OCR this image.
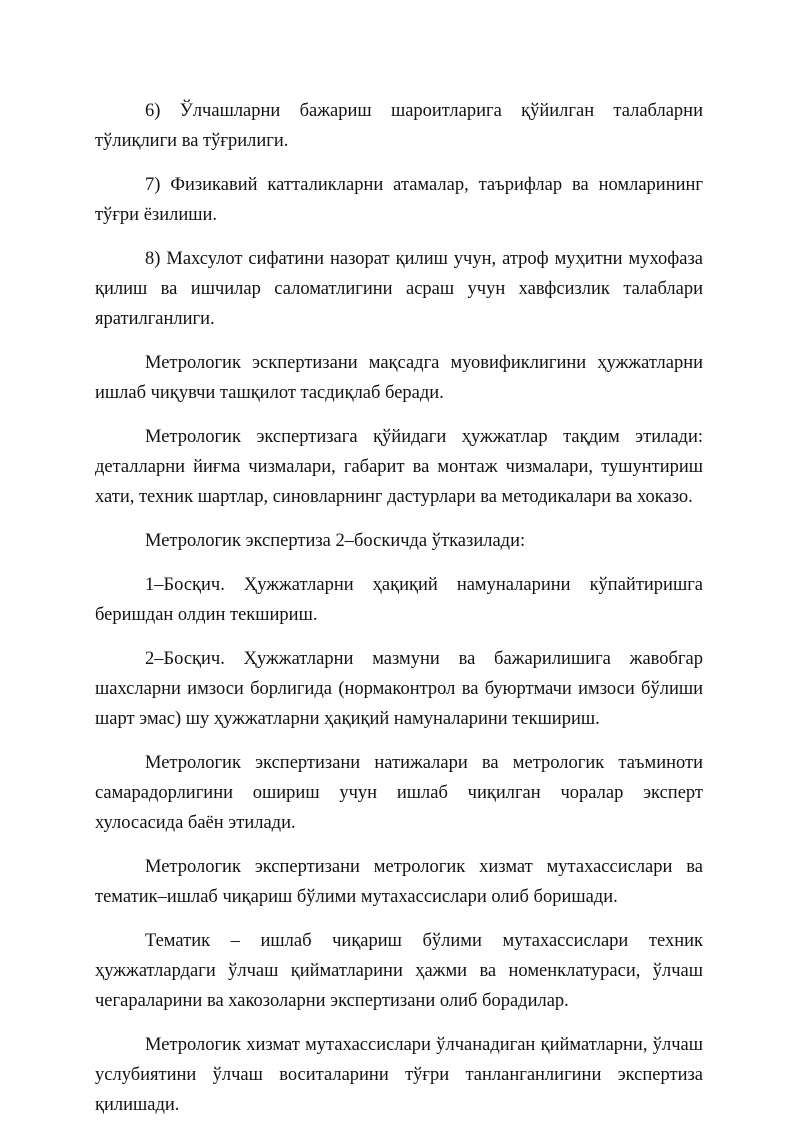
6) Ўлчашларни бажариш шароитларига қўйилган талабларни тўлиқлиги ва тўғрилиги.

7) Физикавий катталикларни атамалар, таърифлар ва номларининг тўғри ёзилиши.

8) Махсулот сифатини назорат қилиш учун, атроф муҳитни мухофаза қилиш ва ишчилар саломатлигини асраш учун хавфсизлик талаблари яратилганлиги.

Метрологик эскпертизани мақсадга муовификлигини ҳужжатларни ишлаб чиқувчи ташқилот тасдиқлаб беради.

Метрологик экспертизага қўйидаги ҳужжатлар тақдим этилади: деталларни йиғма чизмалари, габарит ва монтаж чизмалари, тушунтириш хати, техник шартлар, синовларнинг дастурлари ва методикалари ва хоказо.

Метрологик экспертиза 2–боскичда ўтказилади:

1–Босқич. Ҳужжатларни ҳақиқий намуналарини кўпайтиришга беришдан олдин текшириш.

2–Босқич. Ҳужжатларни мазмуни ва бажарилишига жавобгар шахсларни имзоси борлигида (нормаконтрол ва буюртмачи имзоси бўлиши шарт эмас) шу ҳужжатларни ҳақиқий намуналарини текшириш.

Метрологик экспертизани натижалари ва метрологик таъминоти самарадорлигини ошириш учун ишлаб чиқилган чоралар эксперт хулосасида баён этилади.

Метрологик экспертизани метрологик хизмат мутахассислари ва тематик–ишлаб чиқариш бўлими мутахассислари олиб боришади.

Тематик – ишлаб чиқариш бўлими мутахассислари техник ҳужжатлардаги ўлчаш қийматларини ҳажми ва номенклатураси, ўлчаш чегараларини ва хакозоларни экспертизани олиб борадилар.

Метрологик хизмат мутахассислари ўлчанадиган қийматларни, ўлчаш услубиятини ўлчаш воситаларини тўғри танланганлигини экспертиза қилишади.
